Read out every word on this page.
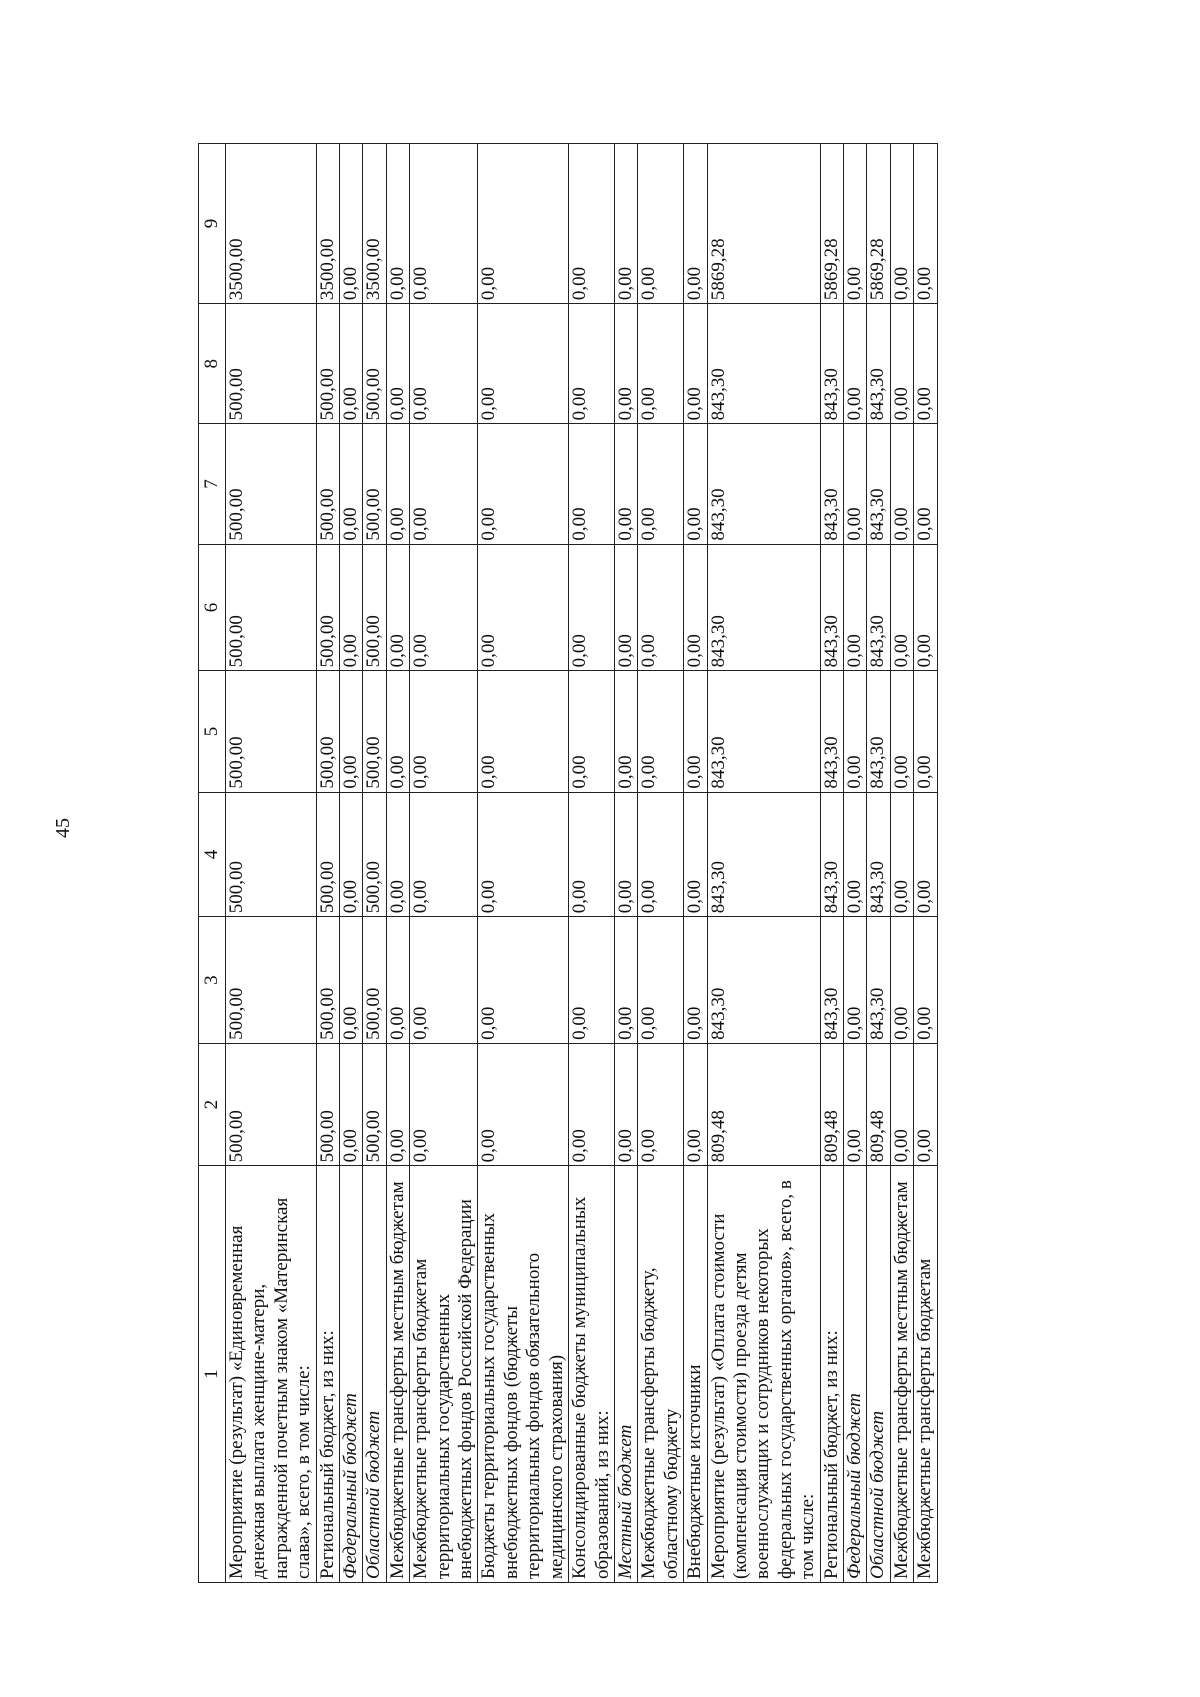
45
1	2	3	4	5	6	7	8	9
Мероприятие (результат) «Единовременная денежная выплата женщине-матери, награжденной почетным знаком «Материнская слава», всего, в том числе:	500,00	500,00	500,00	500,00	500,00	500,00	500,00	3500,00
Региональный бюджет, из них:	500,00	500,00	500,00	500,00	500,00	500,00	500,00	3500,00
Федеральный бюджет	0,00	0,00	0,00	0,00	0,00	0,00	0,00	0,00
Областной бюджет	500,00	500,00	500,00	500,00	500,00	500,00	500,00	3500,00
Межбюджетные трансферты местным бюджетам	0,00	0,00	0,00	0,00	0,00	0,00	0,00	0,00
Межбюджетные трансферты бюджетам территориальных государственных внебюджетных фондов Российской Федерации	0,00	0,00	0,00	0,00	0,00	0,00	0,00	0,00
Бюджеты территориальных государственных внебюджетных фондов (бюджеты территориальных фондов обязательного медицинского страхования)	0,00	0,00	0,00	0,00	0,00	0,00	0,00	0,00
Консолидированные бюджеты муниципальных образований, из них:	0,00	0,00	0,00	0,00	0,00	0,00	0,00	0,00
Местный бюджет	0,00	0,00	0,00	0,00	0,00	0,00	0,00	0,00
Межбюджетные трансферты бюджету, областному бюджету	0,00	0,00	0,00	0,00	0,00	0,00	0,00	0,00
Внебюджетные источники	0,00	0,00	0,00	0,00	0,00	0,00	0,00	0,00
Мероприятие (результат) «Оплата стоимости (компенсация стоимости) проезда детям военнослужащих и сотрудников некоторых федеральных государственных органов», всего, в том числе:	809,48	843,30	843,30	843,30	843,30	843,30	843,30	5869,28
Региональный бюджет, из них:	809,48	843,30	843,30	843,30	843,30	843,30	843,30	5869,28
Федеральный бюджет	0,00	0,00	0,00	0,00	0,00	0,00	0,00	0,00
Областной бюджет	809,48	843,30	843,30	843,30	843,30	843,30	843,30	5869,28
Межбюджетные трансферты местным бюджетам	0,00	0,00	0,00	0,00	0,00	0,00	0,00	0,00
Межбюджетные трансферты бюджетам	0,00	0,00	0,00	0,00	0,00	0,00	0,00	0,00
